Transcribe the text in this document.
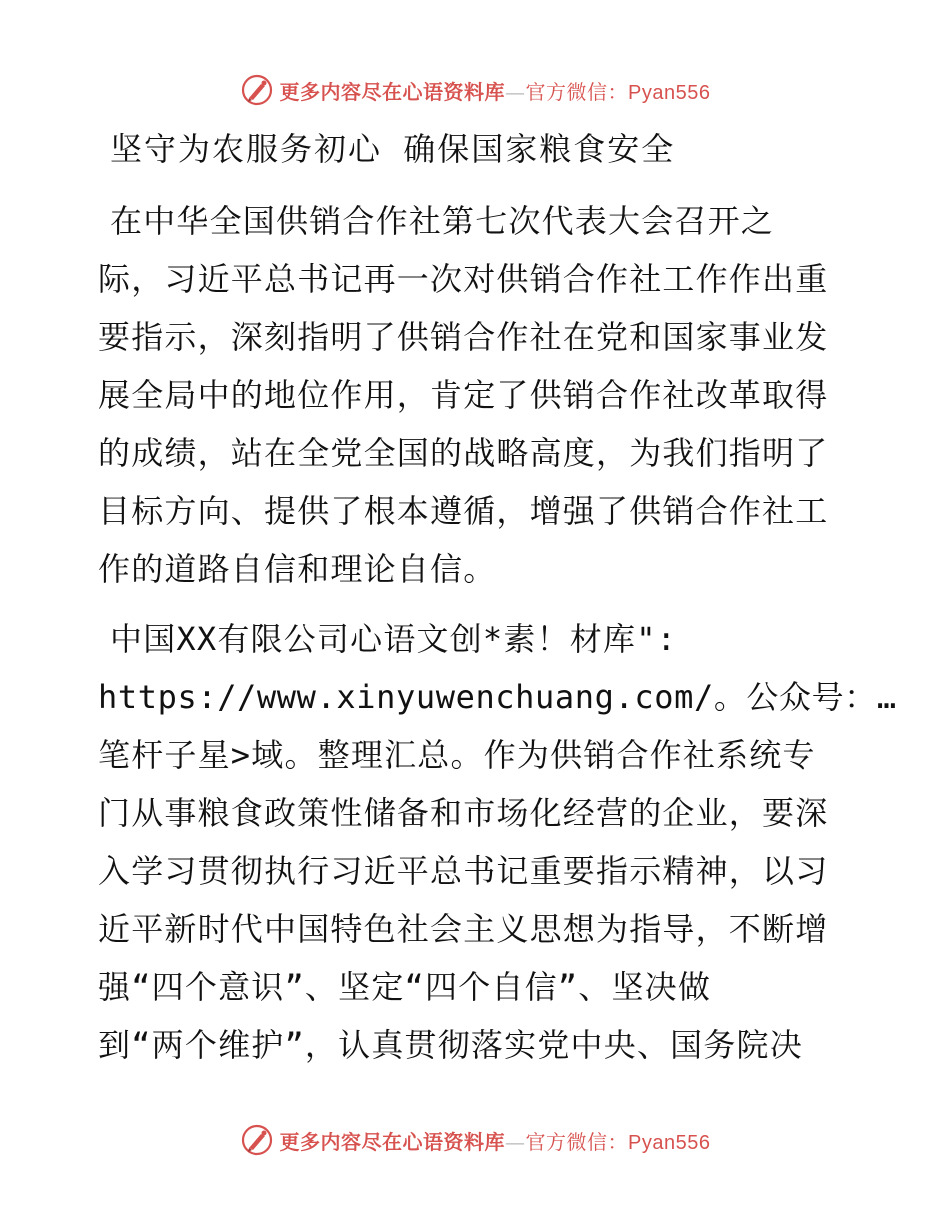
更多内容尽在心语资料库—官方微信：Pyan556
坚守为农服务初心 确保国家粮食安全
在中华全国供销合作社第七次代表大会召开之
际，习近平总书记再一次对供销合作社工作作出重
要指示，深刻指明了供销合作社在党和国家事业发
展全局中的地位作用，肯定了供销合作社改革取得
的成绩，站在全党全国的战略高度，为我们指明了
目标方向、提供了根本遵循，增强了供销合作社工
作的道路自信和理论自信。
中国XX有限公司心语文创*素！材库":
https://www.xinyuwenchuang.com/。公众号：…
笔杆子星>域。整理汇总。作为供销合作社系统专
门从事粮食政策性储备和市场化经营的企业，要深
入学习贯彻执行习近平总书记重要指示精神，以习
近平新时代中国特色社会主义思想为指导，不断增
强“四个意识”、坚定“四个自信”、坚决做
到“两个维护”，认真贯彻落实党中央、国务院决
更多内容尽在心语资料库—官方微信：Pyan556
